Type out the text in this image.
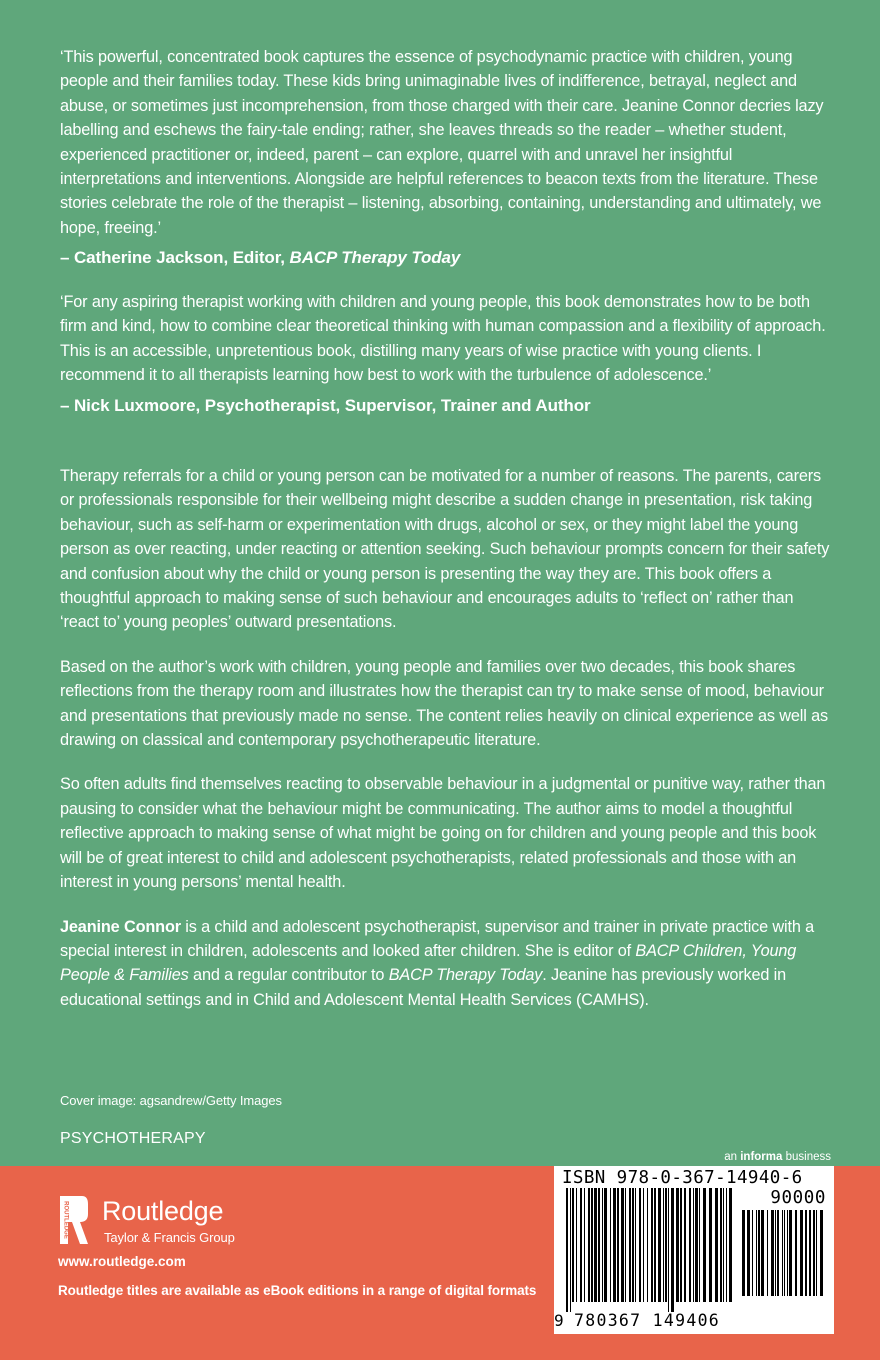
‘This powerful, concentrated book captures the essence of psychodynamic practice with children, young people and their families today. These kids bring unimaginable lives of indifference, betrayal, neglect and abuse, or sometimes just incomprehension, from those charged with their care. Jeanine Connor decries lazy labelling and eschews the fairy-tale ending; rather, she leaves threads so the reader – whether student, experienced practitioner or, indeed, parent – can explore, quarrel with and unravel her insightful interpretations and interventions. Alongside are helpful references to beacon texts from the literature. These stories celebrate the role of the therapist – listening, absorbing, containing, understanding and ultimately, we hope, freeing.’
– Catherine Jackson, Editor, BACP Therapy Today
‘For any aspiring therapist working with children and young people, this book demonstrates how to be both firm and kind, how to combine clear theoretical thinking with human compassion and a flexibility of approach. This is an accessible, unpretentious book, distilling many years of wise practice with young clients. I recommend it to all therapists learning how best to work with the turbulence of adolescence.’
– Nick Luxmoore, Psychotherapist, Supervisor, Trainer and Author

Therapy referrals for a child or young person can be motivated for a number of reasons. The parents, carers or professionals responsible for their wellbeing might describe a sudden change in presentation, risk taking behaviour, such as self-harm or experimentation with drugs, alcohol or sex, or they might label the young person as over reacting, under reacting or attention seeking. Such behaviour prompts concern for their safety and confusion about why the child or young person is presenting the way they are. This book offers a thoughtful approach to making sense of such behaviour and encourages adults to ‘reflect on’ rather than ‘react to’ young peoples’ outward presentations.

Based on the author’s work with children, young people and families over two decades, this book shares reflections from the therapy room and illustrates how the therapist can try to make sense of mood, behaviour and presentations that previously made no sense. The content relies heavily on clinical experience as well as drawing on classical and contemporary psychotherapeutic literature.

So often adults find themselves reacting to observable behaviour in a judgmental or punitive way, rather than pausing to consider what the behaviour might be communicating. The author aims to model a thoughtful reflective approach to making sense of what might be going on for children and young people and this book will be of great interest to child and adolescent psychotherapists, related professionals and those with an interest in young persons’ mental health.

Jeanine Connor is a child and adolescent psychotherapist, supervisor and trainer in private practice with a special interest in children, adolescents and looked after children. She is editor of BACP Children, Young People & Families and a regular contributor to BACP Therapy Today. Jeanine has previously worked in educational settings and in Child and Adolescent Mental Health Services (CAMHS).

Cover image: agsandrew/Getty Images
PSYCHOTHERAPY
an informa business
ROUTLEDGE Routledge
Taylor & Francis Group
www.routledge.com
Routledge titles are available as eBook editions in a range of digital formats
ISBN 978-0-367-14940-6
90000
9 780367 149406
